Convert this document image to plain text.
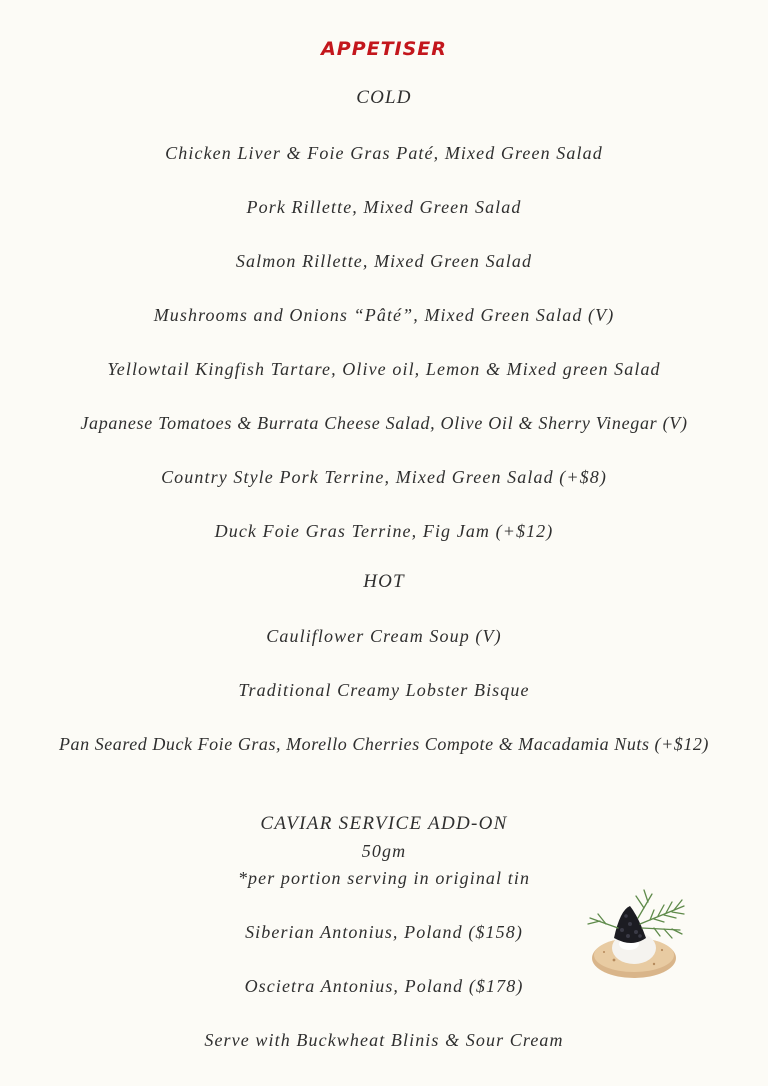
APPETISER
COLD
Chicken Liver & Foie Gras Paté, Mixed Green Salad
Pork Rillette, Mixed Green Salad
Salmon Rillette, Mixed Green Salad
Mushrooms and Onions “Pâté”, Mixed Green Salad (V)
Yellowtail Kingfish Tartare, Olive oil, Lemon & Mixed green Salad
Japanese Tomatoes & Burrata Cheese Salad, Olive Oil & Sherry Vinegar (V)
Country Style Pork Terrine, Mixed Green Salad (+$8)
Duck Foie Gras Terrine, Fig Jam (+$12)
HOT
Cauliflower Cream Soup (V)
Traditional Creamy Lobster Bisque
Pan Seared Duck Foie Gras, Morello Cherries Compote & Macadamia Nuts (+$12)
CAVIAR SERVICE ADD-ON
50gm
*per portion serving in original tin
Siberian Antonius, Poland ($158)
Oscietra Antonius, Poland ($178)
Serve with Buckwheat Blinis & Sour Cream
